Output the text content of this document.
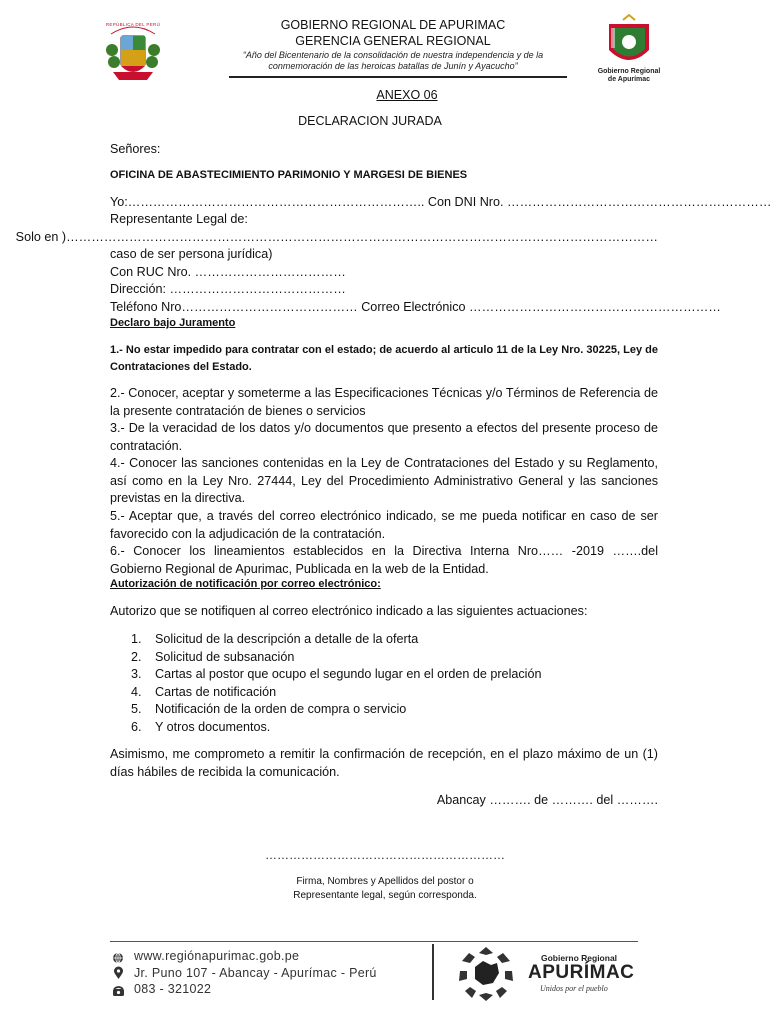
REPÚBLICA DEL PERÚ
Gobierno Regional
de Apurímac
GOBIERNO REGIONAL DE APURIMAC
GERENCIA GENERAL REGIONAL
“Año del Bicentenario de la consolidación de nuestra independencia y de la
conmemoración de las heroicas batallas de Junín y Ayacucho”
ANEXO 06
DECLARACION JURADA
Señores:
OFICINA DE ABASTECIMIENTO PARIMONIO Y MARGESI DE BIENES
Yo:…………………………………………………………….. Con DNI Nro. ………………………………………………………
Representante Legal de:
……………………………………………………………………………………………………………………………( Solo en
caso de ser persona jurídica)
Con RUC Nro. ………………………………
Dirección: ……………………………………
Teléfono Nro…………………………………… Correo Electrónico ……………………………………………………
Declaro bajo Juramento
1.- No estar impedido para contratar con el estado; de acuerdo al articulo 11 de la Ley Nro. 30225, Ley de Contrataciones del Estado.
2.- Conocer, aceptar y someterme a las Especificaciones Técnicas y/o Términos de Referencia de la presente contratación de bienes o servicios
3.- De la veracidad de los datos y/o documentos que presento a efectos del presente proceso de contratación.
4.- Conocer las sanciones contenidas en la Ley de Contrataciones del Estado y su Reglamento, así como en la Ley Nro. 27444, Ley del Procedimiento Administrativo General y las sanciones previstas en la directiva.
5.- Aceptar que, a través del correo electrónico indicado, se me pueda notificar en caso de ser favorecido con la adjudicación de la contratación.
6.- Conocer los lineamientos establecidos en la Directiva Interna Nro…… -2019 …….del Gobierno Regional de Apurimac, Publicada en la web de la Entidad.
Autorización de notificación por correo electrónico:
Autorizo que se notifiquen al correo electrónico indicado a las siguientes actuaciones:
1. Solicitud de la descripción a detalle de la oferta
2. Solicitud de subsanación
3. Cartas al postor que ocupo el segundo lugar en el orden de prelación
4. Cartas de notificación
5. Notificación de la orden de compra o servicio
6. Y otros documentos.
Asimismo, me comprometo a remitir la confirmación de recepción, en el plazo máximo de un (1) días hábiles de recibida la comunicación.
Abancay ………. de ………. del ……….
……………………………………………………
Firma, Nombres y Apellidos del postor o
Representante legal, según corresponda.
www.regiónapurimac.gob.pe
Jr. Puno 107 - Abancay - Apurímac - Perú
083 - 321022
Gobierno Regional
APURÍMAC
Unidos por el pueblo
